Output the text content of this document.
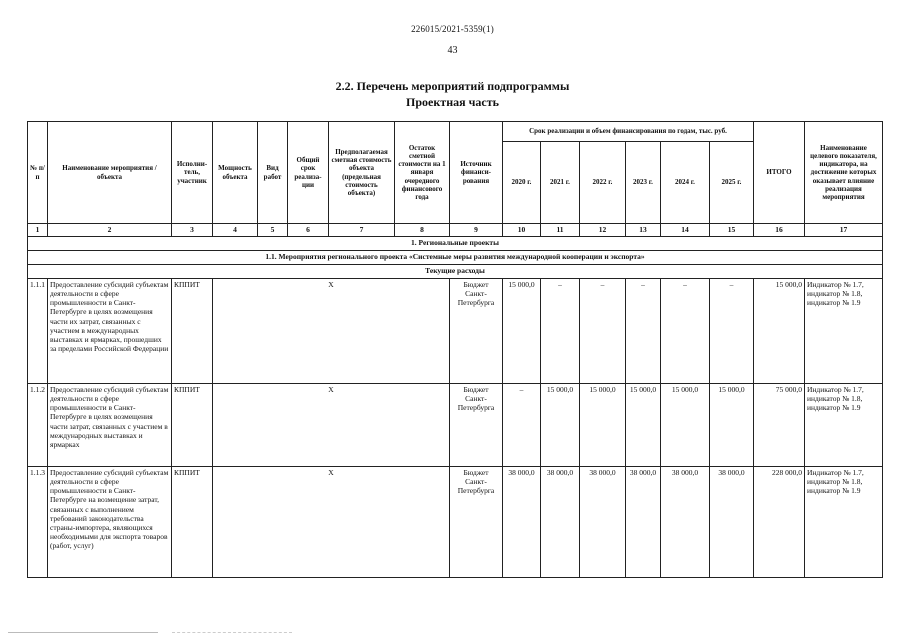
226015/2021-5359(1)
43
2.2. Перечень мероприятий подпрограммы
Проектная часть
№ п/п	Наименование мероприятия / объекта	Исполни-тель, участник	Мощность объекта	Вид работ	Общий срок реализа-ции	Предполагаемая сметная стоимость объекта (предельная стоимость объекта)	Остаток сметной стоимости на 1 января очередного финансового года	Источник финанси-рования	Срок реализации и объем финансирования по годам, тыс. руб.						ИТОГО	Наименование целевого показателя, индикатора, на достижение которых оказывает влияние реализация мероприятия
									2020 г.	2021 г.	2022 г.	2023 г.	2024 г.	2025 г.		
1	2	3	4	5	6	7	8	9	10	11	12	13	14	15	16	17
1. Региональные проекты																
1.1. Мероприятия регионального проекта «Системные меры развития международной кооперации и экспорта»																
Текущие расходы																
1.1.1	Предоставление субсидий субъектам деятельности в сфере промышленности в Санкт-Петербурге в целях возмещения части их затрат, связанных с участием в международных выставках и ярмарках, прошедших за пределами Российской Федерации	КППИТ	Х					Бюджет Санкт-Петербурга	15 000,0	–	–	–	–	–	15 000,0	Индикатор № 1.7, индикатор № 1.8, индикатор № 1.9
1.1.2	Предоставление субсидий субъектам деятельности в сфере промышленности в Санкт-Петербурге в целях возмещения части затрат, связанных с участием в международных выставках и ярмарках	КППИТ	Х					Бюджет Санкт-Петербурга	–	15 000,0	15 000,0	15 000,0	15 000,0	15 000,0	75 000,0	Индикатор № 1.7, индикатор № 1.8, индикатор № 1.9
1.1.3	Предоставление субсидий субъектам деятельности в сфере промышленности в Санкт-Петербурге на возмещение затрат, связанных с выполнением требований законодательства страны-импортера, являющихся необходимыми для экспорта товаров (работ, услуг)	КППИТ	Х					Бюджет Санкт-Петербурга	38 000,0	38 000,0	38 000,0	38 000,0	38 000,0	38 000,0	228 000,0	Индикатор № 1.7, индикатор № 1.8, индикатор № 1.9
